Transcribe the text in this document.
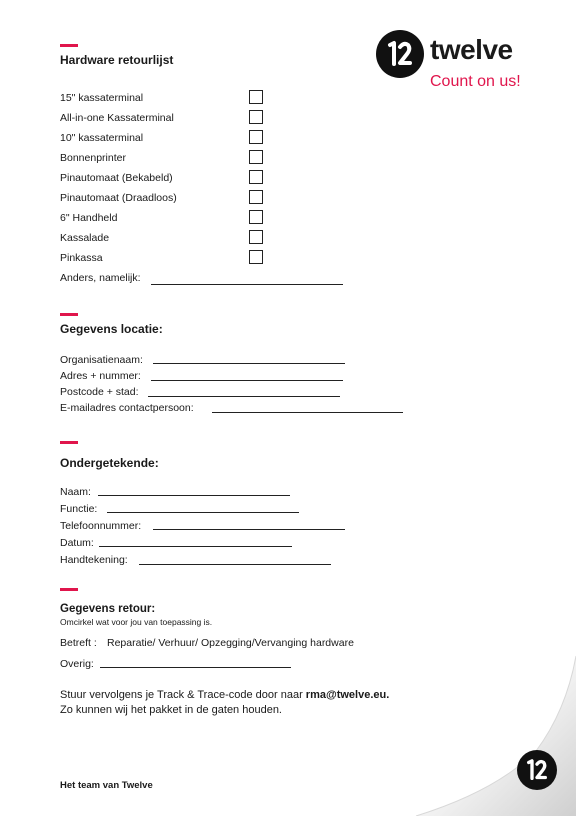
twelve
Count on us!
Hardware retourlijst
15" kassaterminal
All-in-one Kassaterminal
10" kassaterminal
Bonnenprinter
Pinautomaat (Bekabeld)
Pinautomaat (Draadloos)
6" Handheld
Kassalade
Pinkassa
Anders, namelijk:
Gegevens locatie:
Organisatienaam:
Adres + nummer:
Postcode + stad:
E-mailadres contactpersoon:
Ondergetekende:
Naam:
Functie:
Telefoonnummer:
Datum:
Handtekening:
Gegevens retour:
Omcirkel wat voor jou van toepassing is.
Betreft : Reparatie/ Verhuur/ Opzegging/Vervanging hardware
Overig:
Stuur vervolgens je Track & Trace-code door naar rma@twelve.eu.
Zo kunnen wij het pakket in de gaten houden.
Het team van Twelve
